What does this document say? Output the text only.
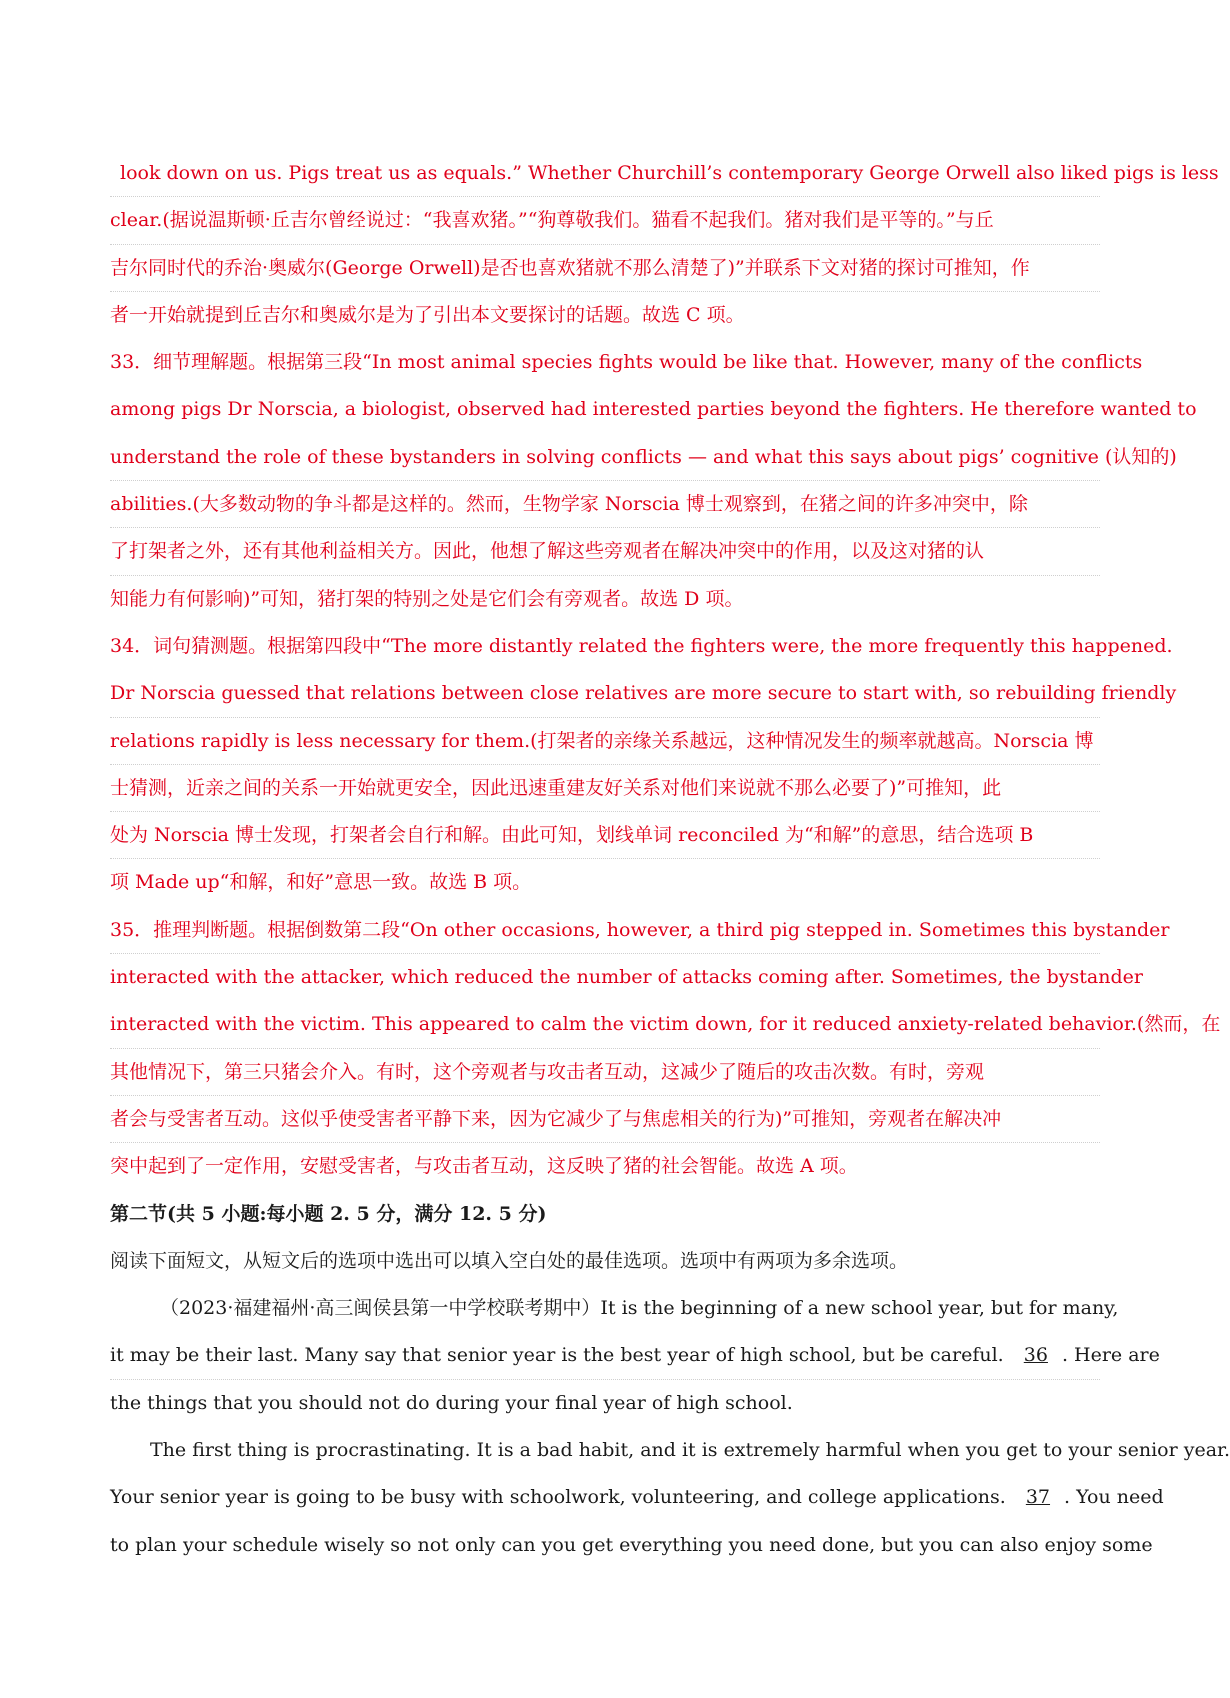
look down on us. Pigs treat us as equals.” Whether Churchill’s contemporary George Orwell also liked pigs is less
clear.(据说温斯顿·丘吉尔曾经说过：“我喜欢猪。”“狗尊敬我们。猫看不起我们。猪对我们是平等的。”与丘
吉尔同时代的乔治·奥威尔(George Orwell)是否也喜欢猪就不那么清楚了)”并联系下文对猪的探讨可推知，作
者一开始就提到丘吉尔和奥威尔是为了引出本文要探讨的话题。故选 C 项。
33．细节理解题。根据第三段“In most animal species fights would be like that. However, many of the conflicts
among pigs Dr Norscia, a biologist, observed had interested parties beyond the fighters. He therefore wanted to
understand the role of these bystanders in solving conflicts — and what this says about pigs’ cognitive (认知的)
abilities.(大多数动物的争斗都是这样的。然而，生物学家 Norscia 博士观察到，在猪之间的许多冲突中，除
了打架者之外，还有其他利益相关方。因此，他想了解这些旁观者在解决冲突中的作用，以及这对猪的认
知能力有何影响)”可知，猪打架的特别之处是它们会有旁观者。故选 D 项。
34．词句猜测题。根据第四段中“The more distantly related the fighters were, the more frequently this happened.
Dr Norscia guessed that relations between close relatives are more secure to start with, so rebuilding friendly
relations rapidly is less necessary for them.(打架者的亲缘关系越远，这种情况发生的频率就越高。Norscia 博
士猜测，近亲之间的关系一开始就更安全，因此迅速重建友好关系对他们来说就不那么必要了)”可推知，此
处为 Norscia 博士发现，打架者会自行和解。由此可知，划线单词 reconciled 为“和解”的意思，结合选项 B
项 Made up“和解，和好”意思一致。故选 B 项。
35．推理判断题。根据倒数第二段“On other occasions, however, a third pig stepped in. Sometimes this bystander
interacted with the attacker, which reduced the number of attacks coming after. Sometimes, the bystander
interacted with the victim. This appeared to calm the victim down, for it reduced anxiety-related behavior.(然而，在
其他情况下，第三只猪会介入。有时，这个旁观者与攻击者互动，这减少了随后的攻击次数。有时，旁观
者会与受害者互动。这似乎使受害者平静下来，因为它减少了与焦虑相关的行为)”可推知，旁观者在解决冲
突中起到了一定作用，安慰受害者，与攻击者互动，这反映了猪的社会智能。故选 A 项。
第二节(共 5 小题:每小题 2. 5 分，满分 12. 5 分)
阅读下面短文，从短文后的选项中选出可以填入空白处的最佳选项。选项中有两项为多余选项。
（2023·福建福州·高三闽侯县第一中学校联考期中）It is the beginning of a new school year, but for many,
it may be their last. Many say that senior year is the best year of high school, but be careful. 36 . Here are
the things that you should not do during your final year of high school.
The first thing is procrastinating. It is a bad habit, and it is extremely harmful when you get to your senior year.
Your senior year is going to be busy with schoolwork, volunteering, and college applications. 37 . You need
to plan your schedule wisely so not only can you get everything you need done, but you can also enjoy some
